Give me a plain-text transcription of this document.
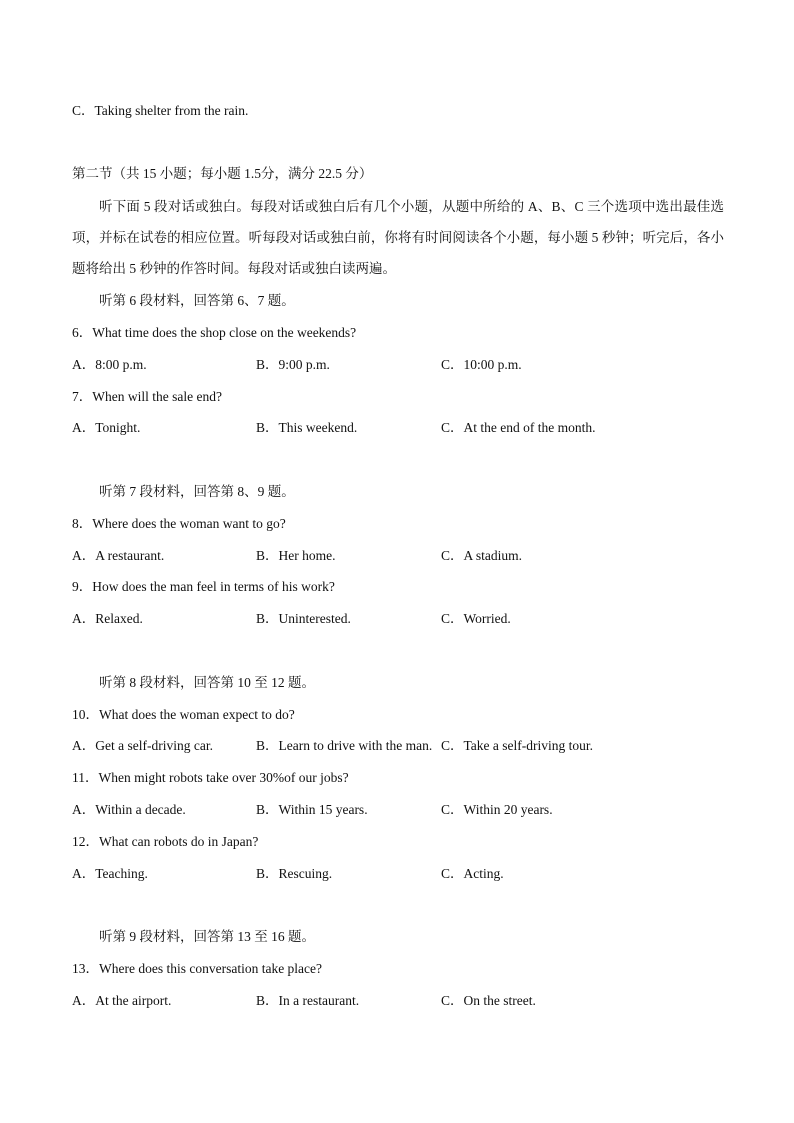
C．Taking shelter from the rain.
第二节（共 15 小题；每小题 1.5分，满分 22.5 分）
听下面 5 段对话或独白。每段对话或独白后有几个小题，从题中所给的 A、B、C 三个选项中选出最佳选项，并标在试卷的相应位置。听每段对话或独白前，你将有时间阅读各个小题，每小题 5 秒钟；听完后，各小题将给出 5 秒钟的作答时间。每段对话或独白读两遍。
听第 6 段材料，回答第 6、7 题。
6．What time does the shop close on the weekends?
A．8:00 p.m.	B．9:00 p.m.	C．10:00 p.m.
7．When will the sale end?
A．Tonight.	B．This weekend.	C．At the end of the month.
听第 7 段材料，回答第 8、9 题。
8．Where does the woman want to go?
A．A restaurant.	B．Her home.	C．A stadium.
9．How does the man feel in terms of his work?
A．Relaxed.	B．Uninterested.	C．Worried.
听第 8 段材料，回答第 10 至 12 题。
10．What does the woman expect to do?
A．Get a self-driving car.	B．Learn to drive with the man. C．Take a self-driving tour.
11．When might robots take over 30%of our jobs?
A．Within a decade.	B．Within 15 years.	C．Within 20 years.
12．What can robots do in Japan?
A．Teaching.	B．Rescuing.	C．Acting.
听第 9 段材料，回答第 13 至 16 题。
13．Where does this conversation take place?
A．At the airport.	B．In a restaurant.	C．On the street.
